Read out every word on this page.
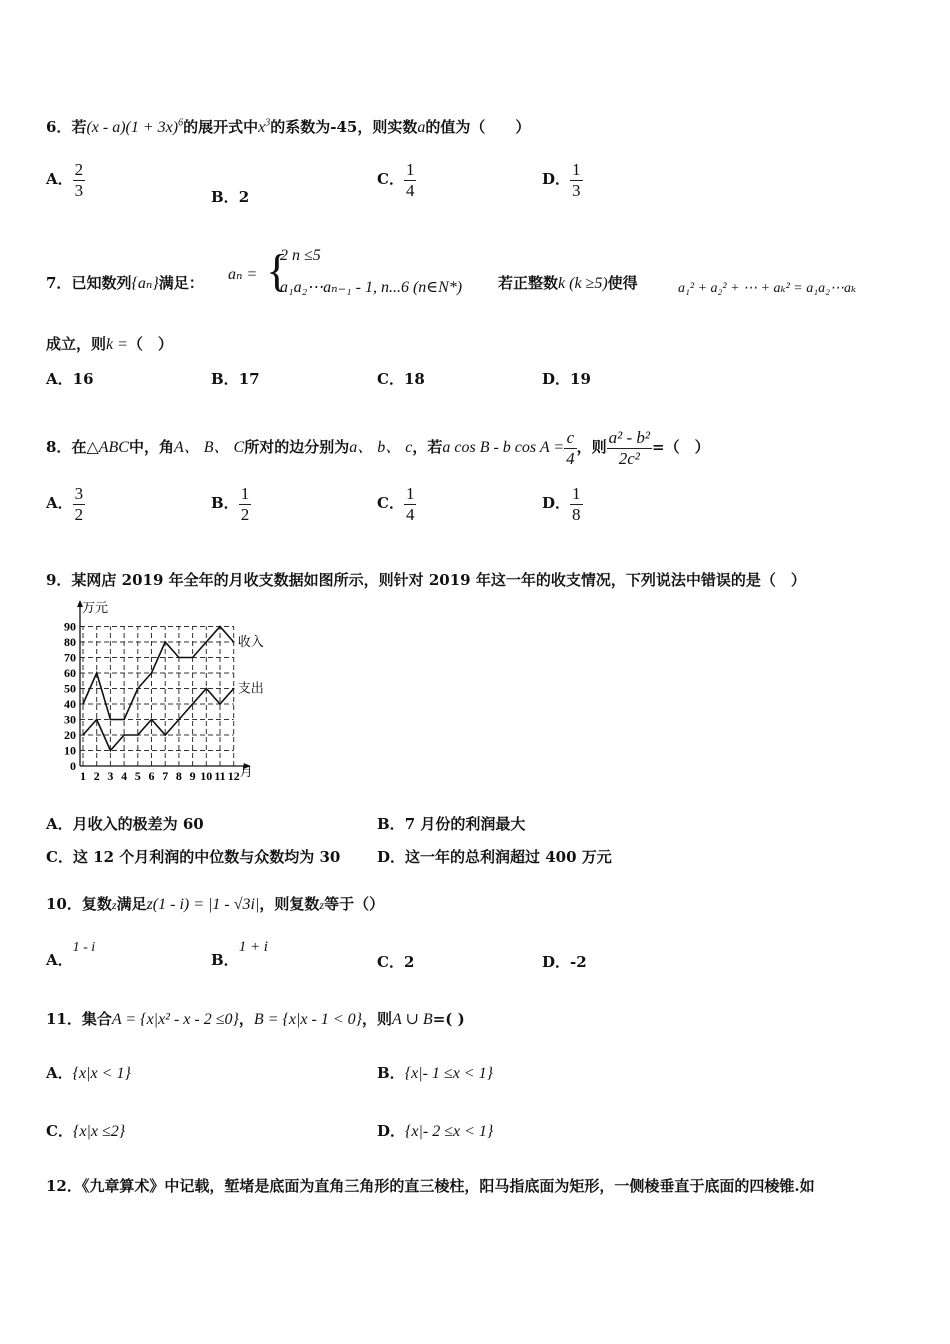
6．若$(x - a)(1 + 3x)^6$的展开式中$x^3$的系数为-45，则实数a的值为（　　）
A． $\frac{2}{3}$	B．2
C． $\frac{1}{4}$	D． $\frac{1}{3}$
7．已知数列{aₙ}满足： aₙ = {
2 n ≤5
a₁a₂⋯aₙ₋₁ - 1, n...6 (n∈N*) 若正整数k (k ≥5)使得	a₁² + a₂² + ⋯ + aₖ² = a₁a₂⋯aₖ
成立，则k =（　）
A．16	B．17	C．18	D．19
8．在△ABC中，角A、 B、 C所对的边分别为a、 b、 c，若a cos B - b $\cos A = \frac{c}{4}$ ，则 $\frac{\text{a² - b²}}{\text{2c²}}$ =（　）
A． $\frac{3}{2}$	B． $\frac{1}{2}$	C． $\frac{1}{4}$	D． $\frac{1}{8}$
9．某网店 2019 年全年的月收支数据如图所示，则针对 2019 年这一年的收支情况，下列说法中错误的是（　）
0
10
20
30
40
50
60
70
80
90
1 2 3 4 5 6 7 8 9 10 11 12
万元
月
收入
支出
A．月收入的极差为 60	B．7 月份的利润最大
C．这 12 个月利润的中位数与众数均为 30 D．这一年的总利润超过 400 万元
10．复数z满足z(1 - i) = |1 - √3i|，则复数z等于（）
A．1 - i
B．1 + i
C．2	D．-2
11．集合A = {x|x² - x - 2 ≤0}，B = {x|x - 1 < 0}，则A ∪ B=( )
A．{x|x < 1}	B．{x|- 1 ≤x < 1}
C．{x|x ≤2}	D．{x|- 2 ≤x < 1}
12．《九章算术》中记载，堑堵是底面为直角三角形的直三棱柱，阳马指底面为矩形，一侧棱垂直于底面的四棱锥.如
